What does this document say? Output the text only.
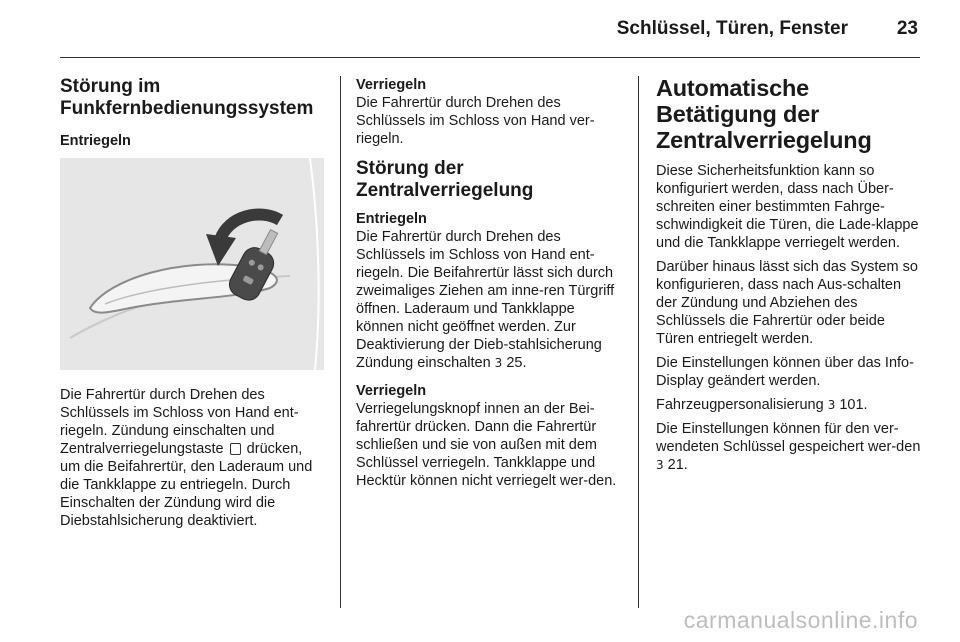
Schlüssel, Türen, Fenster	23
Störung im Funkfernbedienungssystem
Entriegeln

Die Fahrertür durch Drehen des Schlüssels im Schloss von Hand ent-riegeln. Zündung einschalten und Zentralverriegelungstaste  drücken, um die Beifahrertür, den Laderaum und die Tankklappe zu entriegeln. Durch Einschalten der Zündung wird die Diebstahlsicherung deaktiviert.

Verriegeln

Die Fahrertür durch Drehen des Schlüssels im Schloss von Hand ver-riegeln.

Störung der Zentralverriegelung
Entriegeln

Die Fahrertür durch Drehen des Schlüssels im Schloss von Hand ent-riegeln. Die Beifahrertür lässt sich durch zweimaliges Ziehen am inne-ren Türgriff öffnen. Laderaum und Tankklappe können nicht geöffnet werden. Zur Deaktivierung der Dieb-stahlsicherung Zündung einschalten 3 25.

Verriegeln

Verriegelungsknopf innen an der Bei-fahrertür drücken. Dann die Fahrertür schließen und sie von außen mit dem Schlüssel verriegeln. Tankklappe und Hecktür können nicht verriegelt wer-den.

Automatische Betätigung der Zentralverriegelung

Diese Sicherheitsfunktion kann so konfiguriert werden, dass nach Über-schreiten einer bestimmten Fahrge-schwindigkeit die Türen, die Lade-klappe und die Tankklappe verriegelt werden.

Darüber hinaus lässt sich das System so konfigurieren, dass nach Aus-schalten der Zündung und Abziehen des Schlüssels die Fahrertür oder beide Türen entriegelt werden.

Die Einstellungen können über das Info-Display geändert werden.

Fahrzeugpersonalisierung 3 101.

Die Einstellungen können für den ver-wendeten Schlüssel gespeichert wer-den 3 21.

carmanualsonline.info
